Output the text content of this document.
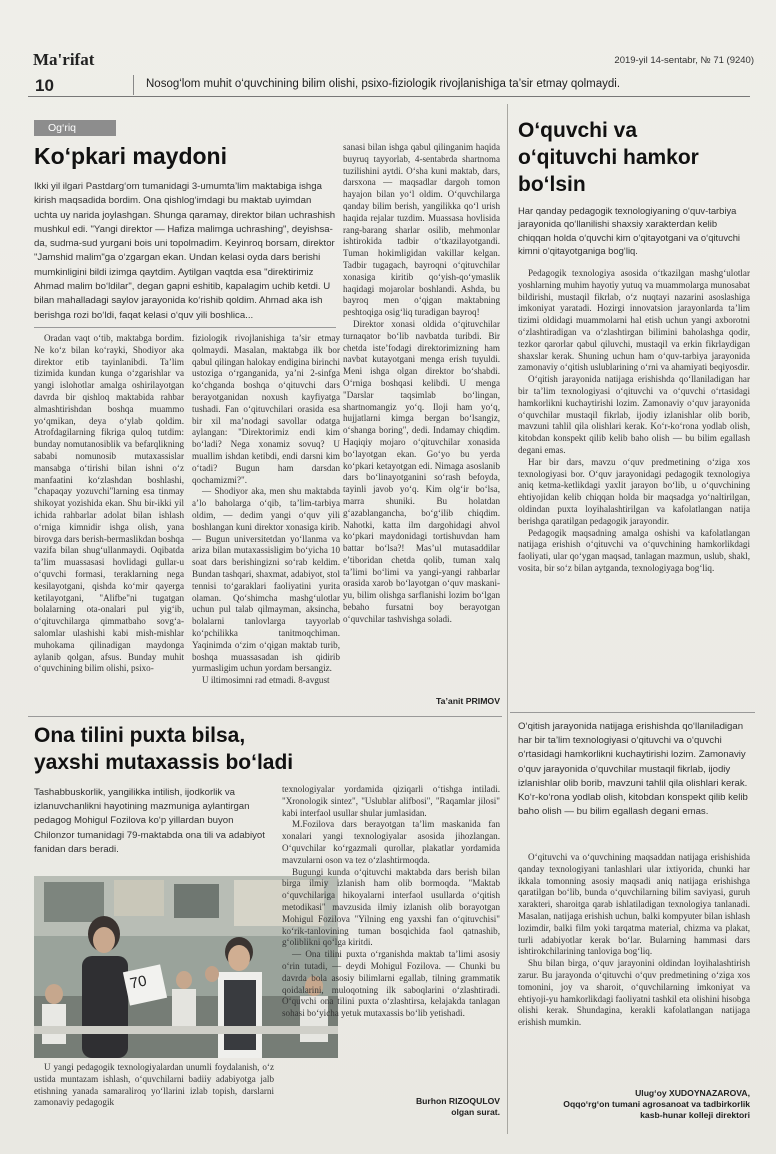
Ma'rifat	2019-yil 14-sentabr, № 71 (9240)
10	Nosog‘lom muhit o‘quvchining bilim olishi, psixo-fiziologik rivojlanishiga ta’sir etmay qolmaydi.
Og‘riq
Ko‘pkari maydoni
Ikki yil ilgari Pastdarg‘om tumanidagi 3-umumta’lim maktabiga ishga kirish maqsadida bordim. Ona qishlog‘imdagi bu maktab uyimdan uchta uy narida joylashgan. Shunga qaramay, direktor bilan uchrashish mushkul edi. "Yangi direktor — Hafiza malimga uchrashing", deyishsa-da, sudma-sud yurgani bois uni topolmadim. Keyinroq borsam, direktor "Jamshid malim"ga o‘zgargan ekan. Undan kelasi oyda dars berishi mumkinligini bildi izimga qaytdim. Aytilgan vaqtda esa "direktirimiz Ahmad malim bo‘ldilar", degan gapni eshitib, kapalagim uchib ketdi. U bilan mahalladagi saylov jarayonida ko‘rishib qoldim. Ahmad aka ish berishga rozi bo‘ldi, faqat kelasi o‘quv yili boshlica...

Oradan vaqt o‘tib, maktabga bordim. Ne ko‘z bilan ko‘rayki, Shodiyor aka direktor etib tayinlanibdi. Ta’lim tizimida kundan kunga o‘zgarishlar va yangi islohotlar amalga oshirilayotgan davrda bir qishloq maktabida rahbar almashtirishdan boshqa muammo yo‘qmikan, deya o‘ylab qoldim. Atrofdagilarning fikriga quloq tutdim: bunday nomutanosiblik va befarqlikning sababi nomunosib mutaxassislar mansabga o‘tirishi bilan ishni o‘z manfaatini ko‘zlashdan boshlashi, "chapaqay yozuvchi"larning esa tinmay shikoyat yozishida ekan. Shu bir-ikki yil ichida rahbarlar adolat bilan ishlash o‘rniga kimnidir ishga olish, yana birovga dars berish-bermaslikdan boshqa vazifa bilan shug‘ullanmaydi. Oqibatda ta’lim muassasasi hovlidagi gullar-u o‘quvchi formasi, teraklarning nega kesilayotgani, qishda ko‘mir qayerga ketilayotgani, "Alifbe"ni tugatgan bolalarning ota-onalari pul yig‘ib, o‘qituvchilarga qimmatbaho sovg‘a-salomlar ulashishi kabi mish-mishlar muhokama qilinadigan maydonga aylanib qolgan, afsus. Bunday muhit o‘quvchining bilim olishi, psixo-

fiziologik rivojlanishiga ta’sir etmay qolmaydi. Masalan, maktabga ilk bor qabul qilingan halokay endigina birinchi ustoziga o‘rganganida, ya’ni 2-sinfga ko‘chganda boshqa o‘qituvchi dars berayotganidan noxush kayfiyatga tushadi. Fan o‘qituvchilari orasida esa bir xil ma’nodagi savollar odatga aylangan: "Direktorimiz endi kim bo‘ladi? Nega xonamiz sovuq? U muallim ishdan ketibdi, endi darsni kim o‘tadi? Bugun ham darsdan qochamizmi?".

— Shodiyor aka, men shu maktabda a’lo baholarga o‘qib, ta’lim-tarbiya oldim, — dedim yangi o‘quv yili boshlangan kuni direktor xonasiga kirib. — Bugun universitetdan yo‘llanma va ariza bilan mutaxassisligim bo‘yicha 10 soat dars berishingizni so‘rab keldim. Bundan tashqari, shaxmat, adabiyot, stol tennisi to‘garaklari faoliyatini yurita olaman. Qo‘shimcha mashg‘ulotlar uchun pul talab qilmayman, aksincha, bolalarni tanlovlarga tayyorlab ko‘pchilikka tanitmoqchiman. Yaqinimda o‘zim o‘qigan maktab turib, boshqa muassasadan ish qidirib yurmasligim uchun yordam bersangiz.

U iltimosimni rad etmadi. 8-avgust

sanasi bilan ishga qabul qilinganim haqida buyruq tayyorlab, 4-sentabrda shartnoma tuzilishini aytdi. O‘sha kuni maktab, dars, darsxona — maqsadlar dargoh tomon hayajon bilan yo‘l oldim. O‘quvchilarga qanday bilim berish, yangilikka qo‘l urish haqida rejalar tuzdim. Muassasa hovlisida rang-barang sharlar osilib, mehmonlar ishtirokida tadbir o‘tkazilayotgandi. Tuman hokimligidan vakillar kelgan. Tadbir tugagach, bayroqni o‘qituvchilar xonasiga kiritib qo‘yish-qo‘ymaslik haqidagi mojarolar boshlandi. Ashda, bu bayroq men o‘qigan maktabning peshtoqiga osig‘liq turadigan bayroq!

Direktor xonasi oldida o‘qituvchilar turnaqator bo‘lib navbatda turibdi. Bir chetda iste’fodagi direktorimizning ham navbat kutayotgani menga erish tuyuldi. Meni ishga olgan direktor bo‘shabdi. O‘rniga boshqasi kelibdi. U menga "Darslar taqsimlab bo‘lingan, shartnomangiz yo‘q. Iloji ham yo‘q, hujjatlarni kimga bergan bo‘lsangiz, o‘shanga boring", dedi. Indamay chiqdim. Haqiqiy mojaro o‘qituvchilar xonasida bo‘layotgan ekan. Go‘yo bu yerda ko‘pkari ketayotgan edi. Nimaga asoslanib dars bo‘linayotganini so‘rash befoyda, tayinli javob yo‘q. Kim olg‘ir bo‘lsa, marra shuniki. Bu holatdan g‘azablanganchа, bo‘g‘ilib chiqdim. Nahotki, katta ilm dargohidagi ahvol ko‘pkari maydonidagi tortishuvdan ham battar bo‘lsa?! Mas’ul mutasaddilar e’tiboridan chetda qolib, tuman xalq ta’limi bo‘limi va yangi-yangi rahbarlar orasida xarob bo‘layotgan o‘quv maskani-yu, bilim olishga sarflanishi lozim bo‘lgan bebaho fursatni boy berayotgan o‘quvchilar tashvishga soladi.

Ta’anit PRIMOV
O‘quvchi va
o‘qituvchi hamkor
bo‘lsin
Har qanday pedagogik texnologiyaning o‘quv-tarbiya jarayonida qo‘llanilishi shaxsiy xarakterdan kelib chiqqan holda o‘quvchi kim o‘qitayotgani va o‘qituvchi kimni o‘qitayotganiga bog‘liq.

Pedagogik texnologiya asosida o‘tkazilgan mashg‘ulotlar yoshlarning muhim hayotiy yutuq va muammolarga munosabat bildirishi, mustaqil fikrlab, o‘z nuqtayi nazarini asoslashiga imkoniyat yaratadi. Hozirgi innovatsion jarayonlarda ta’lim tizimi oldidagi muammolarni hal etish uchun yangi axborotni o‘zlashtiradigan va o‘zlashtirgan bilimini baholashga qodir, tezkor qarorlar qabul qiluvchi, mustaqil va erkin fikrlaydigan shaxslar kerak. Shuning uchun ham o‘quv-tarbiya jarayonida zamonaviy o‘qitish uslublarining o‘rni va ahamiyati beqiyosdir.

O‘qitish jarayonida natijaga erishishda qo‘llaniladigan har bir ta’lim texnologiyasi o‘qituvchi va o‘quvchi o‘rtasidagi hamkorlikni kuchaytirishi lozim. Zamonaviy o‘quv jarayonida o‘quvchilar mustaqil fikrlab, ijodiy izlanishlar olib borib, mavzuni tahlil qila olishlari kerak. Ko‘r-ko‘rona yodlab olish, kitobdan konspekt qilib kelib baho olish — bu bilim egallash degani emas.

Har bir dars, mavzu o‘quv predmetining o‘ziga xos texnologiyasi bor. O‘quv jarayonidagi pedagogik texnologiya aniq ketma-ketlikdagi yaxlit jarayon bo‘lib, u o‘quvchining ehtiyojidan kelib chiqqan holda bir maqsadga yo‘naltirilgan, oldindan puxta loyihalashtirilgan va kafolatlangan natija berishga qaratilgan pedagogik jarayondir.

Pedagogik maqsadning amalga oshishi va kafolatlangan natijaga erishish o‘qituvchi va o‘quvchining hamkorlikdagi faoliyati, ular qo‘ygan maqsad, tanlagan mazmun, uslub, shakl, vosita, bir so‘z bilan aytganda, texnologiyaga bog‘liq.

O‘qitish jarayonida natijaga erishishda qo‘llaniladigan har bir ta’lim texnologiyasi o‘qituvchi va o‘quvchi o‘rtasidagi hamkorlikni kuchaytirishi lozim. Zamonaviy o‘quv jarayonida o‘quvchilar mustaqil fikrlab, ijodiy izlanishlar olib borib, mavzuni tahlil qila olishlari kerak. Ko‘r-ko‘rona yodlab olish, kitobdan konspekt qilib kelib baho olish — bu bilim egallash degani emas.

O‘qituvchi va o‘quvchining maqsaddan natijaga erishishida qanday texnologiyani tanlashlari ular ixtiyorida, chunki har ikkala tomonning asosiy maqsadi aniq natijaga erishishga qaratilgan bo‘lib, bunda o‘quvchilarning bilim saviyasi, guruh xarakteri, sharoitga qarab ishlatiladigan texnologiya tanlanadi. Masalan, natijaga erishish uchun, balki kompyuter bilan ishlash lozimdir, balki film yoki tarqatma material, chizma va plakat, turli adabiyotlar kerak bo‘lar. Bularning hammasi dars ishtirokchilarining tanloviga bog‘liq.

Shu bilan birga, o‘quv jarayonini oldindan loyihalashtirish zarur. Bu jarayonda o‘qituvchi o‘quv predmetining o‘ziga xos tomonini, joy va sharoit, o‘quvchilarning imkoniyat va ehtiyoji-yu hamkorlikdagi faoliyatni tashkil eta olishini hisobga olishi kerak. Shundagina, kerakli kafolatlangan natijaga erishish mumkin.

Ulug‘oy XUDOYNAZAROVA,
Oqqo‘rg‘on tumani agrosanoat va tadbirkorlik
kasb-hunar kolleji direktori
Ona tilini puxta bilsa,
yaxshi mutaxassis bo‘ladi
Tashabbuskorlik, yangilikka intilish, ijodkorlik va izlanuvchanlikni hayotining mazmuniga aylantirgan pedagog Mohigul Fozilova ko‘p yillardan buyon Chilonzor tumanidagi 79-maktabda ona tili va adabiyot fanidan dars beradi.
70

U yangi pedagogik texnologiyalardan unumli foydalanish, o‘z ustida muntazam ishlash, o‘quvchilarni badiiy adabiyotga jalb etishning yanada samaraliroq yo‘llarini izlab topish, darslarni zamonaviy pedagogik

texnologiyalar yordamida qiziqarli o‘tishga intiladi. "Xronologik sintez", "Uslublar alifbosi", "Raqamlar jilosi" kabi interfaol usullar shular jumlasidan.

M.Fozilova dars berayotgan ta’lim maskanida fan xonalari yangi texnologiyalar asosida jihozlangan. O‘quvchilar ko‘rgazmali qurollar, plakatlar yordamida mavzularni oson va tez o‘zlashtirmoqda.

Bugungi kunda o‘qituvchi maktabda dars berish bilan birga ilmiy izlanish ham olib bormoqda. "Maktab o‘quvchilariga hikoyalarni interfaol usullarda o‘qitish metodikasi" mavzusida ilmiy izlanish olib borayotgan Mohigul Fozilova "Yilning eng yaxshi fan o‘qituvchisi" ko‘rik-tanlovining tuman bosqichida faol qatnashib, g‘oliblikni qo‘lga kiritdi.

— Ona tilini puxta o‘rganishda maktab ta’limi asosiy o‘rin tutadi, — deydi Mohigul Fozilova. — Chunki bu davrda bola asosiy bilimlarni egallab, tilning grammatik qoidalarini, muloqotning ilk saboqlarini o‘zlashtiradi. O‘quvchi ona tilini puxta o‘zlashtirsa, kelajakda tanlagan sohasi bo‘yicha yetuk mutaxassis bo‘lib yetishadi.

Burhon RIZOQULOV
olgan surat.
